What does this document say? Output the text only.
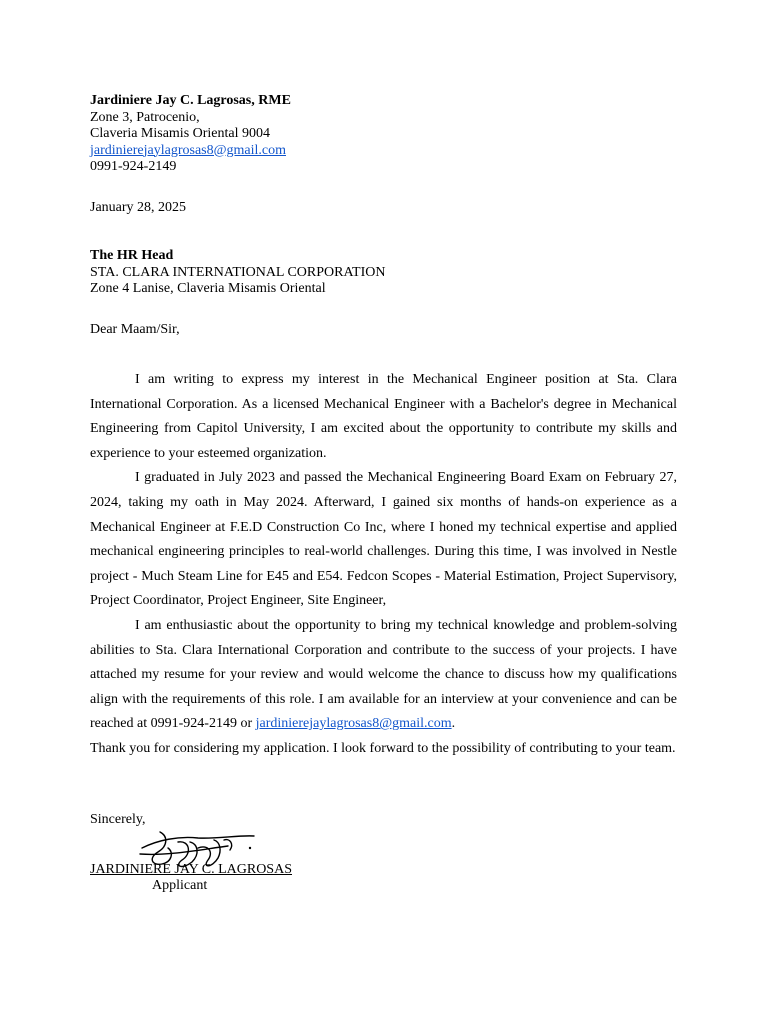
Jardiniere Jay C. Lagrosas, RME
Zone 3, Patrocenio,
Claveria Misamis Oriental 9004
jardinierejaylagrosas8@gmail.com
0991-924-2149
January 28, 2025
The HR Head
STA. CLARA INTERNATIONAL CORPORATION
Zone 4 Lanise, Claveria Misamis Oriental
Dear Maam/Sir,

I am writing to express my interest in the Mechanical Engineer position at Sta. Clara International Corporation. As a licensed Mechanical Engineer with a Bachelor's degree in Mechanical Engineering from Capitol University, I am excited about the opportunity to contribute my skills and experience to your esteemed organization.

I graduated in July 2023 and passed the Mechanical Engineering Board Exam on February 27, 2024, taking my oath in May 2024. Afterward, I gained six months of hands-on experience as a Mechanical Engineer at F.E.D Construction Co Inc, where I honed my technical expertise and applied mechanical engineering principles to real-world challenges. During this time, I was involved in Nestle project - Much Steam Line for E45 and E54. Fedcon Scopes - Material Estimation, Project Supervisory, Project Coordinator, Project Engineer, Site Engineer,

I am enthusiastic about the opportunity to bring my technical knowledge and problem-solving abilities to Sta. Clara International Corporation and contribute to the success of your projects. I have attached my resume for your review and would welcome the chance to discuss how my qualifications align with the requirements of this role. I am available for an interview at your convenience and can be reached at 0991-924-2149 or jardinierejaylagrosas8@gmail.com.

Thank you for considering my application. I look forward to the possibility of contributing to your team.

Sincerely,
JARDINIERE JAY C. LAGROSAS
Applicant
